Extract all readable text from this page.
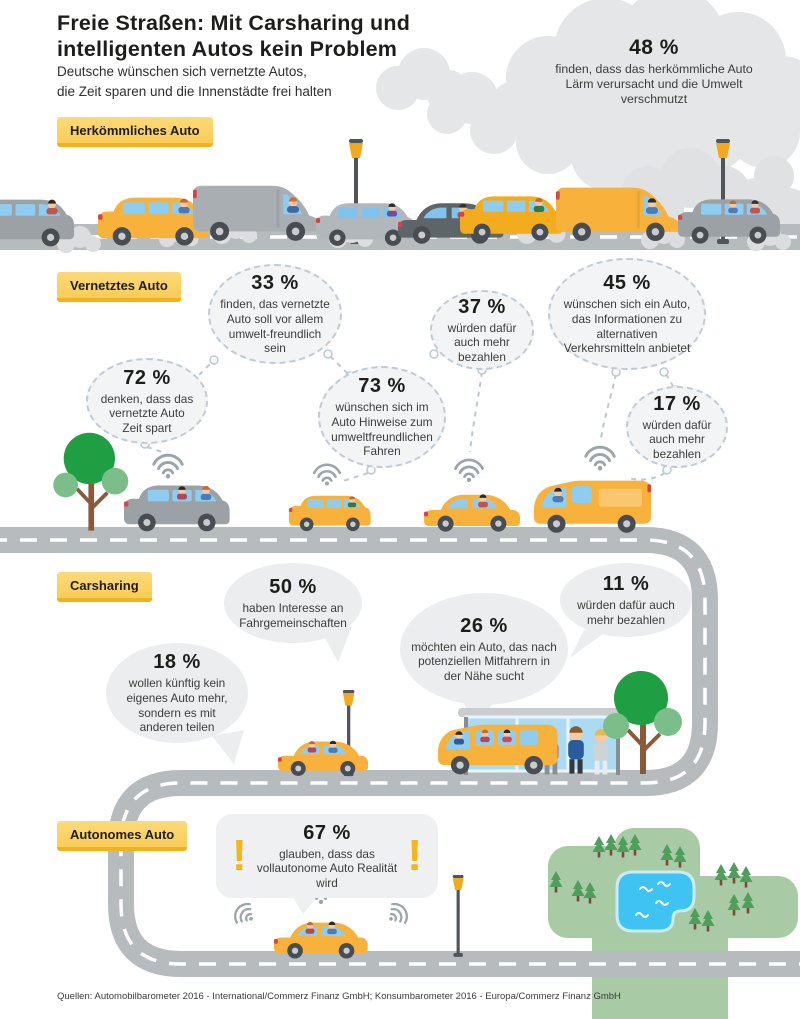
Freie Straßen: Mit Carsharing und
intelligenten Autos kein Problem
Deutsche wünschen sich vernetzte Autos,
die Zeit sparen und die Innenstädte frei halten
Herkömmliches Auto
Vernetztes Auto
Carsharing
Autonomes Auto
48 %
finden, dass das herkömmliche Auto Lärm verursacht und die Umwelt verschmutzt
33 %
finden, das vernetzte Auto soll vor allem umwelt-freundlich sein
72 %
denken, dass das vernetzte Auto Zeit spart
73 %
wünschen sich im Auto Hinweise zum umweltfreundlichen Fahren
37 %
würden dafür auch mehr bezahlen
45 %
wünschen sich ein Auto, das Informationen zu alternativen Verkehrsmitteln anbietet
17 %
würden dafür auch mehr bezahlen
50 %
haben Interesse an Fahrgemeinschaften
18 %
wollen künftig kein eigenes Auto mehr, sondern es mit anderen teilen
26 %
möchten ein Auto, das nach potenziellen Mitfahrern in der Nähe sucht
11 %
würden dafür auch mehr bezahlen
!	67 %
glauben, dass das vollautonome Auto Realität wird
!
Quellen: Automobilbarometer 2016 - International/Commerz Finanz GmbH; Konsumbarometer 2016 - Europa/Commerz Finanz GmbH
